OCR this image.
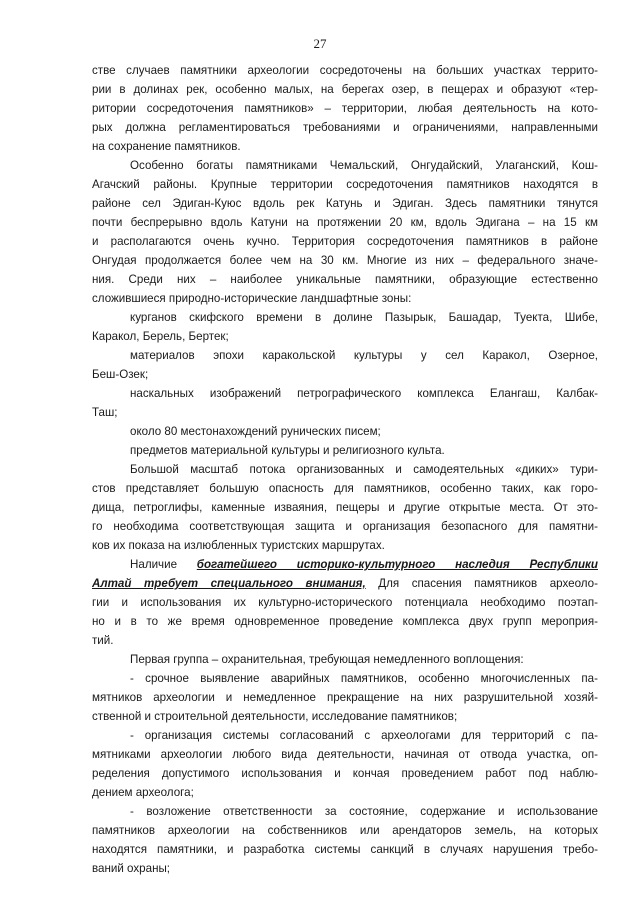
27
стве случаев памятники археологии сосредоточены на больших участках террито-
рии в долинах рек, особенно малых, на берегах озер, в пещерах и образуют «тер-
ритории сосредоточения памятников» – территории, любая деятельность на кото-
рых должна регламентироваться требованиями и ограничениями, направленными
на сохранение памятников.
Особенно богаты памятниками Чемальский, Онгудайский, Улаганский, Кош-
Агачский районы. Крупные территории сосредоточения памятников находятся в
районе сел Эдиган-Куюс вдоль рек Катунь и Эдиган. Здесь памятники тянутся
почти беспрерывно вдоль Катуни на протяжении 20 км, вдоль Эдигана – на 15 км
и располагаются очень кучно. Территория сосредоточения памятников в районе
Онгудая продолжается более чем на 30 км. Многие из них – федерального значе-
ния. Среди них – наиболее уникальные памятники, образующие естественно
сложившиеся природно-исторические ландшафтные зоны:
курганов скифского времени в долине Пазырык, Башадар, Туекта, Шибе,
Каракол, Берель, Бертек;
материалов эпохи каракольской культуры у сел Каракол, Озерное,
Беш-Озек;
наскальных изображений петрографического комплекса Елангаш, Калбак-
Таш;
около 80 местонахождений рунических писем;
предметов материальной культуры и религиозного культа.
Большой масштаб потока организованных и самодеятельных «диких» тури-
стов представляет большую опасность для памятников, особенно таких, как горо-
дища, петроглифы, каменные изваяния, пещеры и другие открытые места. От это-
го необходима соответствующая защита и организация безопасного для памятни-
ков их показа на излюбленных туристских маршрутах.
Первая группа – охранительная, требующая немедленного воплощения:
- срочное выявление аварийных памятников, особенно многочисленных па-
мятников археологии и немедленное прекращение на них разрушительной хозяй-
ственной и строительной деятельности, исследование памятников;
- организация системы согласований с археологами для территорий с па-
мятниками археологии любого вида деятельности, начиная от отвода участка, оп-
ределения допустимого использования и кончая проведением работ под наблю-
дением археолога;
- возложение ответственности за состояние, содержание и использование
памятников археологии на собственников или арендаторов земель, на которых
находятся памятники, и разработка системы санкций в случаях нарушения требо-
ваний охраны;
Наличие богатейшего историко-культурного наследия Республики
Алтай требует специального внимания, Для спасения памятников археоло-
гии и использования их культурно-исторического потенциала необходимо поэтап-
но и в то же время одновременное проведение комплекса двух групп мероприя-
тий.
